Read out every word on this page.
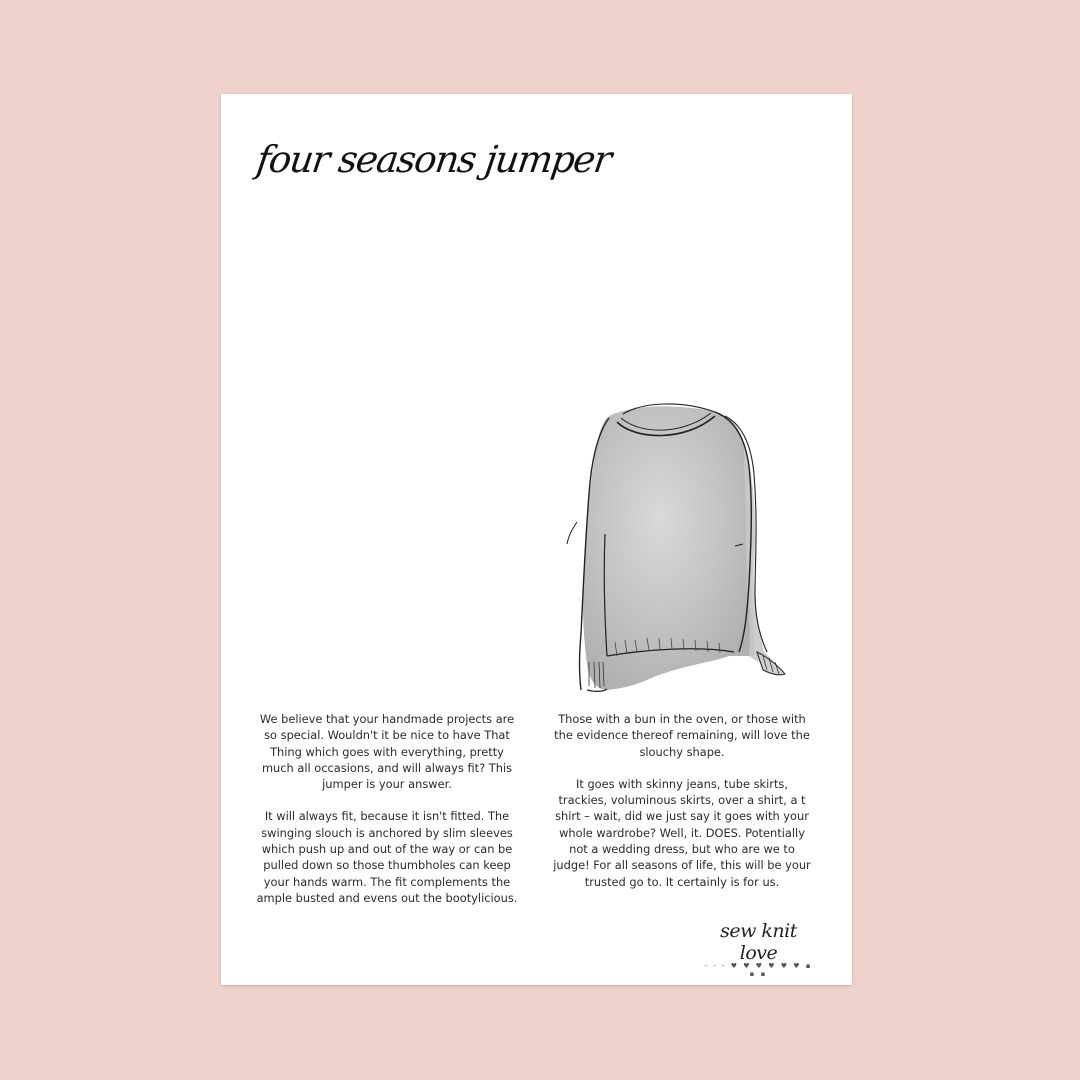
four seasons jumper

We believe that your handmade projects are so special. Wouldn't it be nice to have That Thing which goes with everything, pretty much all occasions, and will always fit? This jumper is your answer.

It will always fit, because it isn't fitted. The swinging slouch is anchored by slim sleeves which push up and out of the way or can be pulled down so those thumbholes can keep your hands warm. The fit complements the ample busted and evens out the bootylicious.

Those with a bun in the oven, or those with the evidence thereof remaining, will love the slouchy shape.

It goes with skinny jeans, tube skirts, trackies, voluminous skirts, over a shirt, a t shirt – wait, did we just say it goes with your whole wardrobe? Well, it. DOES. Potentially not a wedding dress, but who are we to judge! For all seasons of life, this will be your trusted go to. It certainly is for us.

sew knit love
- - - ♥ ♥ ♥ ♥ ♥ ♥ ▪ ▪ ▪
